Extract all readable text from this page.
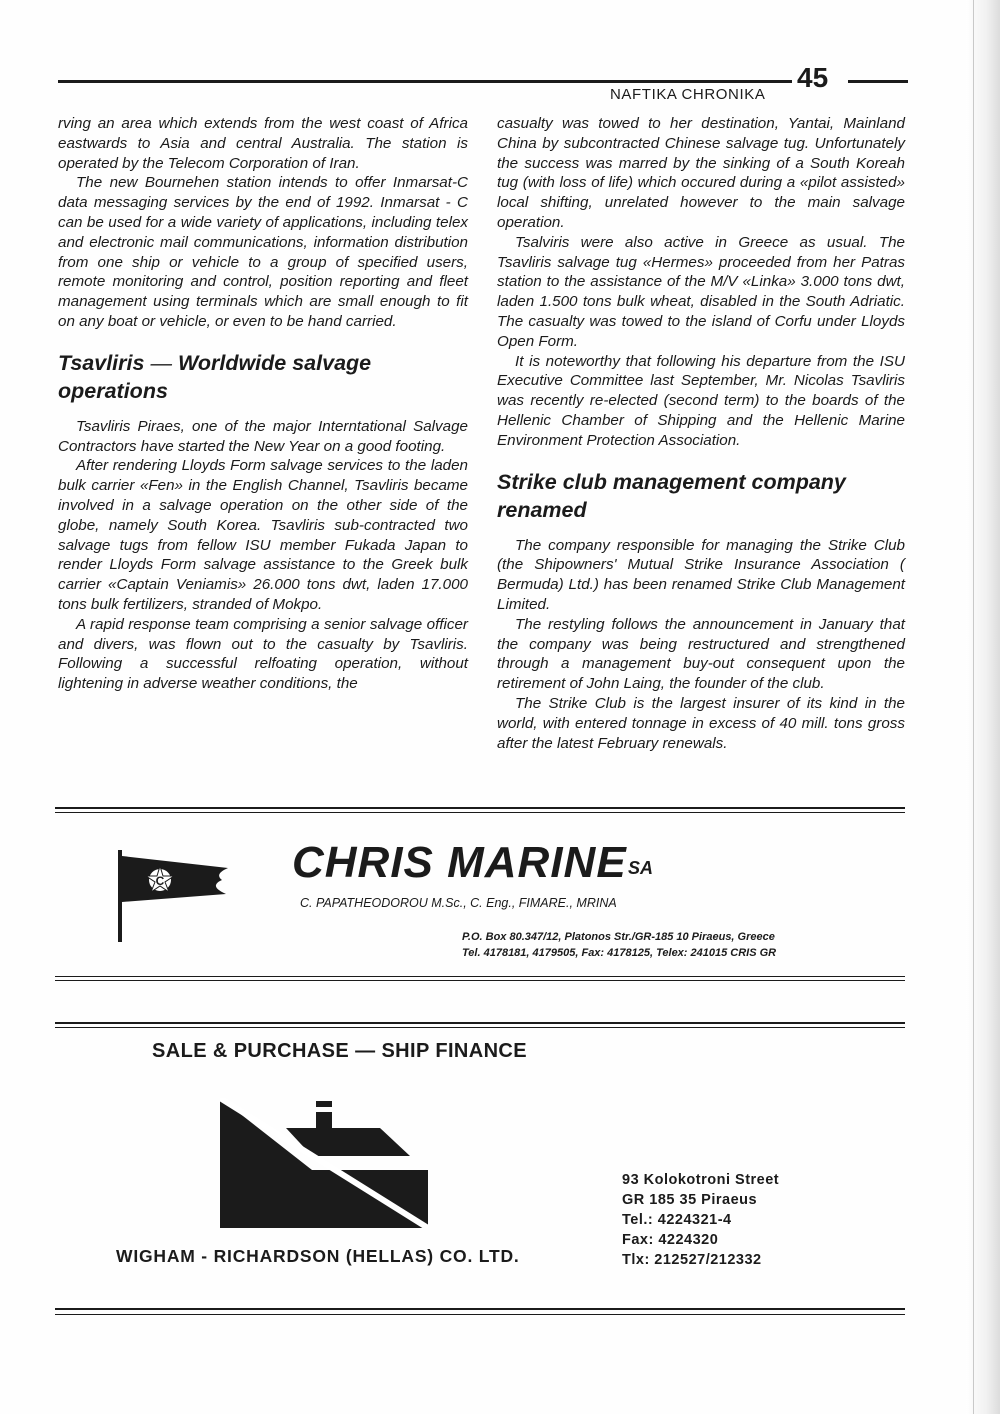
NAFTIKA CHRONIKA
45

rving an area which extends from the west coast of Africa eastwards to Asia and central Australia. The station is operated by the Telecom Corporation of Iran.

The new Bournehen station intends to offer Inmarsat-C data messaging services by the end of 1992. Inmarsat - C can be used for a wide variety of applications, including telex and electronic mail communications, information distribution from one ship or vehicle to a group of specified users, remote monitoring and control, position reporting and fleet management using terminals which are small enough to fit on any boat or vehicle, or even to be hand carried.

Tsavliris — Worldwide salvage operations

Tsavliris Piraes, one of the major Interntational Salvage Contractors have started the New Year on a good footing.

After rendering Lloyds Form salvage services to the laden bulk carrier «Fen» in the English Channel, Tsavliris became involved in a salvage operation on the other side of the globe, namely South Korea. Tsavliris sub-contracted two salvage tugs from fellow ISU member Fukada Japan to render Lloyds Form salvage assistance to the Greek bulk carrier «Captain Veniamis» 26.000 tons dwt, laden 17.000 tons bulk fertilizers, stranded of Mokpo.

A rapid response team comprising a senior salvage officer and divers, was flown out to the casualty by Tsavliris. Following a successful relfoating operation, without lightening in adverse weather conditions, the

casualty was towed to her destination, Yantai, Mainland China by subcontracted Chinese salvage tug. Unfortunately the success was marred by the sinking of a South Koreah tug (with loss of life) which occured during a «pilot assisted» local shifting, unrelated however to the main salvage operation.

Tsalviris were also active in Greece as usual. The Tsavliris salvage tug «Hermes» proceeded from her Patras station to the assistance of the M/V «Linka» 3.000 tons dwt, laden 1.500 tons bulk wheat, disabled in the South Adriatic. The casualty was towed to the island of Corfu under Lloyds Open Form.

It is noteworthy that following his departure from the ISU Executive Committee last September, Mr. Nicolas Tsavliris was recently re-elected (second term) to the boards of the Hellenic Chamber of Shipping and the Hellenic Marine Environment Protection Association.

Strike club management company renamed

The company responsible for managing the Strike Club (the Shipowners' Mutual Strike Insurance Association ( Bermuda) Ltd.) has been renamed Strike Club Management Limited.

The restyling follows the announcement in January that the company was being restructured and strengthened through a management buy-out consequent upon the retirement of John Laing, the founder of the club.

The Strike Club is the largest insurer of its kind in the world, with entered tonnage in excess of 40 mill. tons gross after the latest February renewals.

C	CHRIS MARINE SA
C. PAPATHEODOROU M.Sc., C. Eng., FIMARE., MRINA
P.O. Box 80.347/12, Platonos Str./GR-185 10 Piraeus, Greece
Tel. 4178181, 4179505, Fax: 4178125, Telex: 241015 CRIS GR
SALE & PURCHASE — SHIP FINANCE
WIGHAM - RICHARDSON (HELLAS) CO. LTD.
93 Kolokotroni Street
GR 185 35 Piraeus
Tel.: 4224321-4
Fax: 4224320
Tlx: 212527/212332
